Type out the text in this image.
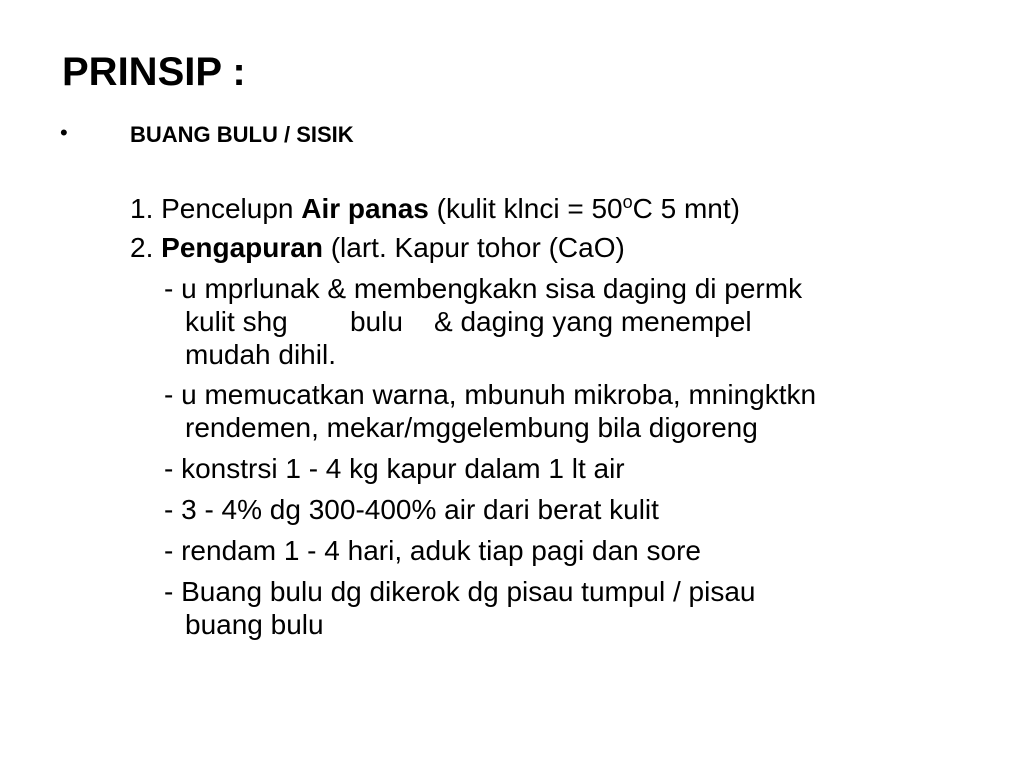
PRINSIP :
•	BUANG BULU / SISIK
1. Pencelupn Air panas (kulit klnci = $50^oC$ 5 mnt)
2. Pengapuran (lart. Kapur tohor (CaO)
- u mprlunak & membengkakn sisa daging di permk
kulit shg        bulu    & daging yang menempel
mudah dihil.
- u memucatkan warna, mbunuh mikroba, mningktkn
rendemen, mekar/mggelembung bila digoreng
- konstrsi 1 - 4 kg kapur dalam 1 lt air
- 3 - 4% dg 300-400% air dari berat kulit
- rendam 1 - 4 hari, aduk tiap pagi dan sore
- Buang bulu dg dikerok dg pisau tumpul / pisau
buang bulu
